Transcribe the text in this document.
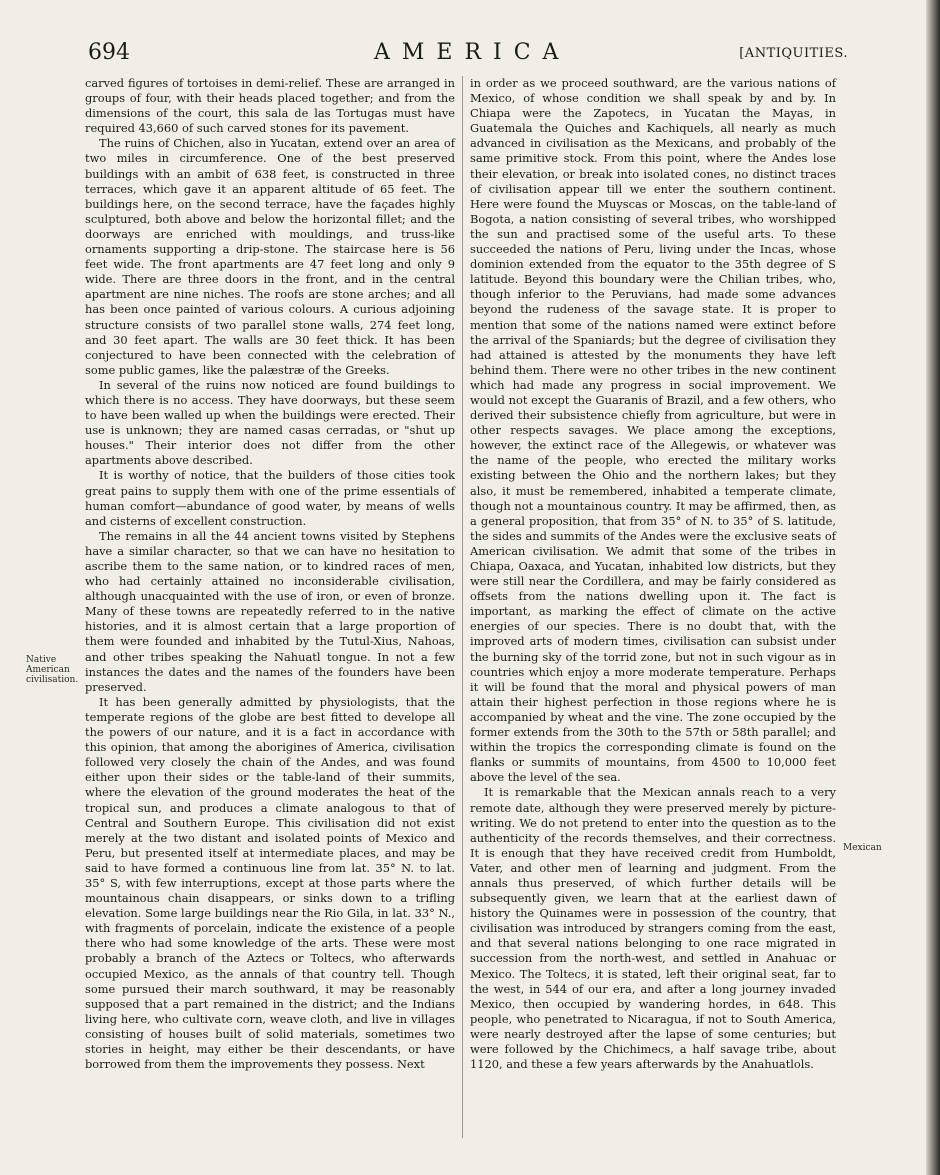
694	AMERICA	[ANTIQUITIES.
Native American civilisation.
Mexican

carved figures of tortoises in demi-relief. These are arranged in groups of four, with their heads placed together; and from the dimensions of the court, this sala de las Tortugas must have required 43,660 of such carved stones for its pavement.

The ruins of Chichen, also in Yucatan, extend over an area of two miles in circumference. One of the best preserved buildings with an ambit of 638 feet, is constructed in three terraces, which gave it an apparent altitude of 65 feet. The buildings here, on the second terrace, have the façades highly sculptured, both above and below the horizontal fillet; and the doorways are enriched with mouldings, and truss-like ornaments supporting a drip-stone. The staircase here is 56 feet wide. The front apartments are 47 feet long and only 9 wide. There are three doors in the front, and in the central apartment are nine niches. The roofs are stone arches; and all has been once painted of various colours. A curious adjoining structure consists of two parallel stone walls, 274 feet long, and 30 feet apart. The walls are 30 feet thick. It has been conjectured to have been connected with the celebration of some public games, like the palæstræ of the Greeks.

In several of the ruins now noticed are found buildings to which there is no access. They have doorways, but these seem to have been walled up when the buildings were erected. Their use is unknown; they are named casas cerradas, or "shut up houses." Their interior does not differ from the other apartments above described.

It is worthy of notice, that the builders of those cities took great pains to supply them with one of the prime essentials of human comfort—abundance of good water, by means of wells and cisterns of excellent construction.

The remains in all the 44 ancient towns visited by Stephens have a similar character, so that we can have no hesitation to ascribe them to the same nation, or to kindred races of men, who had certainly attained no inconsiderable civilisation, although unacquainted with the use of iron, or even of bronze. Many of these towns are repeatedly referred to in the native histories, and it is almost certain that a large proportion of them were founded and inhabited by the Tutul-Xius, Nahoas, and other tribes speaking the Nahuatl tongue. In not a few instances the dates and the names of the founders have been preserved.

It has been generally admitted by physiologists, that the temperate regions of the globe are best fitted to develope all the powers of our nature, and it is a fact in accordance with this opinion, that among the aborigines of America, civilisation followed very closely the chain of the Andes, and was found either upon their sides or the table-land of their summits, where the elevation of the ground moderates the heat of the tropical sun, and produces a climate analogous to that of Central and Southern Europe. This civilisation did not exist merely at the two distant and isolated points of Mexico and Peru, but presented itself at intermediate places, and may be said to have formed a continuous line from lat. 35° N. to lat. 35° S, with few interruptions, except at those parts where the mountainous chain disappears, or sinks down to a trifling elevation. Some large buildings near the Rio Gila, in lat. 33° N., with fragments of porcelain, indicate the existence of a people there who had some knowledge of the arts. These were most probably a branch of the Aztecs or Toltecs, who afterwards occupied Mexico, as the annals of that country tell. Though some pursued their march southward, it may be reasonably supposed that a part remained in the district; and the Indians living here, who cultivate corn, weave cloth, and live in villages consisting of houses built of solid materials, sometimes two stories in height, may either be their descendants, or have borrowed from them the improvements they possess. Next

in order as we proceed southward, are the various nations of Mexico, of whose condition we shall speak by and by. In Chiapa were the Zapotecs, in Yucatan the Mayas, in Guatemala the Quiches and Kachiquels, all nearly as much advanced in civilisation as the Mexicans, and probably of the same primitive stock. From this point, where the Andes lose their elevation, or break into isolated cones, no distinct traces of civilisation appear till we enter the southern continent. Here were found the Muyscas or Moscas, on the table-land of Bogota, a nation consisting of several tribes, who worshipped the sun and practised some of the useful arts. To these succeeded the nations of Peru, living under the Incas, whose dominion extended from the equator to the 35th degree of S latitude. Beyond this boundary were the Chilian tribes, who, though inferior to the Peruvians, had made some advances beyond the rudeness of the savage state. It is proper to mention that some of the nations named were extinct before the arrival of the Spaniards; but the degree of civilisation they had attained is attested by the monuments they have left behind them. There were no other tribes in the new continent which had made any progress in social improvement. We would not except the Guaranis of Brazil, and a few others, who derived their subsistence chiefly from agriculture, but were in other respects savages. We place among the exceptions, however, the extinct race of the Allegewis, or whatever was the name of the people, who erected the military works existing between the Ohio and the northern lakes; but they also, it must be remembered, inhabited a temperate climate, though not a mountainous country. It may be affirmed, then, as a general proposition, that from 35° of N. to 35° of S. latitude, the sides and summits of the Andes were the exclusive seats of American civilisation. We admit that some of the tribes in Chiapa, Oaxaca, and Yucatan, inhabited low districts, but they were still near the Cordillera, and may be fairly considered as offsets from the nations dwelling upon it. The fact is important, as marking the effect of climate on the active energies of our species. There is no doubt that, with the improved arts of modern times, civilisation can subsist under the burning sky of the torrid zone, but not in such vigour as in countries which enjoy a more moderate temperature. Perhaps it will be found that the moral and physical powers of man attain their highest perfection in those regions where he is accompanied by wheat and the vine. The zone occupied by the former extends from the 30th to the 57th or 58th parallel; and within the tropics the corresponding climate is found on the flanks or summits of mountains, from 4500 to 10,000 feet above the level of the sea.

It is remarkable that the Mexican annals reach to a very remote date, although they were preserved merely by picture-writing. We do not pretend to enter into the question as to the authenticity of the records themselves, and their correctness. It is enough that they have received credit from Humboldt, Vater, and other men of learning and judgment. From the annals thus preserved, of which further details will be subsequently given, we learn that at the earliest dawn of history the Quinames were in possession of the country, that civilisation was introduced by strangers coming from the east, and that several nations belonging to one race migrated in succession from the north-west, and settled in Anahuac or Mexico. The Toltecs, it is stated, left their original seat, far to the west, in 544 of our era, and after a long journey invaded Mexico, then occupied by wandering hordes, in 648. This people, who penetrated to Nicaragua, if not to South America, were nearly destroyed after the lapse of some centuries; but were followed by the Chichimecs, a half savage tribe, about 1120, and these a few years afterwards by the Anahuatlols.
